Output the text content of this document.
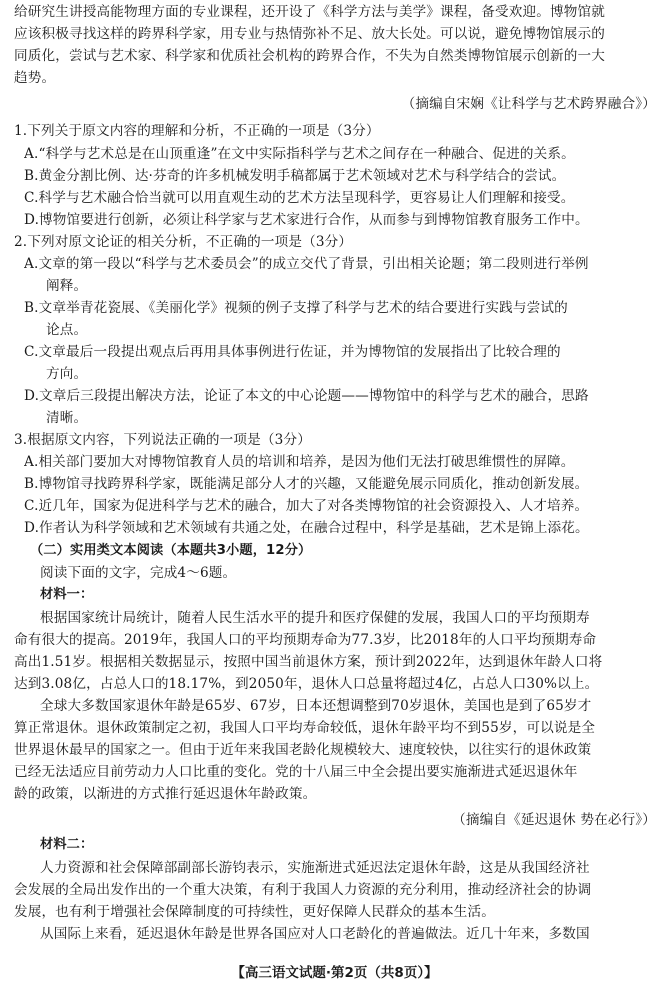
给研究生讲授高能物理方面的专业课程，还开设了《科学方法与美学》课程，备受欢迎。博物馆就
应该积极寻找这样的跨界科学家，用专业与热情弥补不足、放大长处。可以说，避免博物馆展示的
同质化，尝试与艺术家、科学家和优质社会机构的跨界合作，不失为自然类博物馆展示创新的一大
趋势。
（摘编自宋娴《让科学与艺术跨界融合》）
1.下列关于原文内容的理解和分析，不正确的一项是（3分）
A.“科学与艺术总是在山顶重逢”在文中实际指科学与艺术之间存在一种融合、促进的关系。
B.黄金分割比例、达·芬奇的许多机械发明手稿都属于艺术领域对艺术与科学结合的尝试。
C.科学与艺术融合恰当就可以用直观生动的艺术方法呈现科学，更容易让人们理解和接受。
D.博物馆要进行创新，必须让科学家与艺术家进行合作，从而参与到博物馆教育服务工作中。
2.下列对原文论证的相关分析，不正确的一项是（3分）
A.文章的第一段以“科学与艺术委员会”的成立交代了背景，引出相关论题；第二段则进行举例
阐释。
B.文章举青花瓷展、《美丽化学》视频的例子支撑了科学与艺术的结合要进行实践与尝试的
论点。
C.文章最后一段提出观点后再用具体事例进行佐证，并为博物馆的发展指出了比较合理的
方向。
D.文章后三段提出解决方法，论证了本文的中心论题——博物馆中的科学与艺术的融合，思路
清晰。
3.根据原文内容，下列说法正确的一项是（3分）
A.相关部门要加大对博物馆教育人员的培训和培养，是因为他们无法打破思维惯性的屏障。
B.博物馆寻找跨界科学家，既能满足部分人才的兴趣，又能避免展示同质化，推动创新发展。
C.近几年，国家为促进科学与艺术的融合，加大了对各类博物馆的社会资源投入、人才培养。
D.作者认为科学领域和艺术领域有共通之处，在融合过程中，科学是基础，艺术是锦上添花。
（二）实用类文本阅读（本题共3小题，12分）
阅读下面的文字，完成4～6题。
材料一：
根据国家统计局统计，随着人民生活水平的提升和医疗保健的发展，我国人口的平均预期寿
命有很大的提高。2019年，我国人口的平均预期寿命为77.3岁，比2018年的人口平均预期寿命
高出1.51岁。根据相关数据显示，按照中国当前退休方案，预计到2022年，达到退休年龄人口将
达到3.08亿，占总人口的18.17%，到2050年，退休人口总量将超过4亿，占总人口30%以上。
全球大多数国家退休年龄是65岁、67岁，日本还想调整到70岁退休，美国也是到了65岁才
算正常退休。退休政策制定之初，我国人口平均寿命较低，退休年龄平均不到55岁，可以说是全
世界退休最早的国家之一。但由于近年来我国老龄化规模较大、速度较快，以往实行的退休政策
已经无法适应目前劳动力人口比重的变化。党的十八届三中全会提出要实施渐进式延迟退休年
龄的政策，以渐进的方式推行延迟退休年龄政策。
（摘编自《延迟退休 势在必行》）
材料二：
人力资源和社会保障部副部长游钧表示，实施渐进式延迟法定退休年龄，这是从我国经济社
会发展的全局出发作出的一个重大决策，有利于我国人力资源的充分利用，推动经济社会的协调
发展，也有利于增强社会保障制度的可持续性，更好保障人民群众的基本生活。
从国际上来看，延迟退休年龄是世界各国应对人口老龄化的普遍做法。近几十年来，多数国
【高三语文试题·第2页（共8页）】
